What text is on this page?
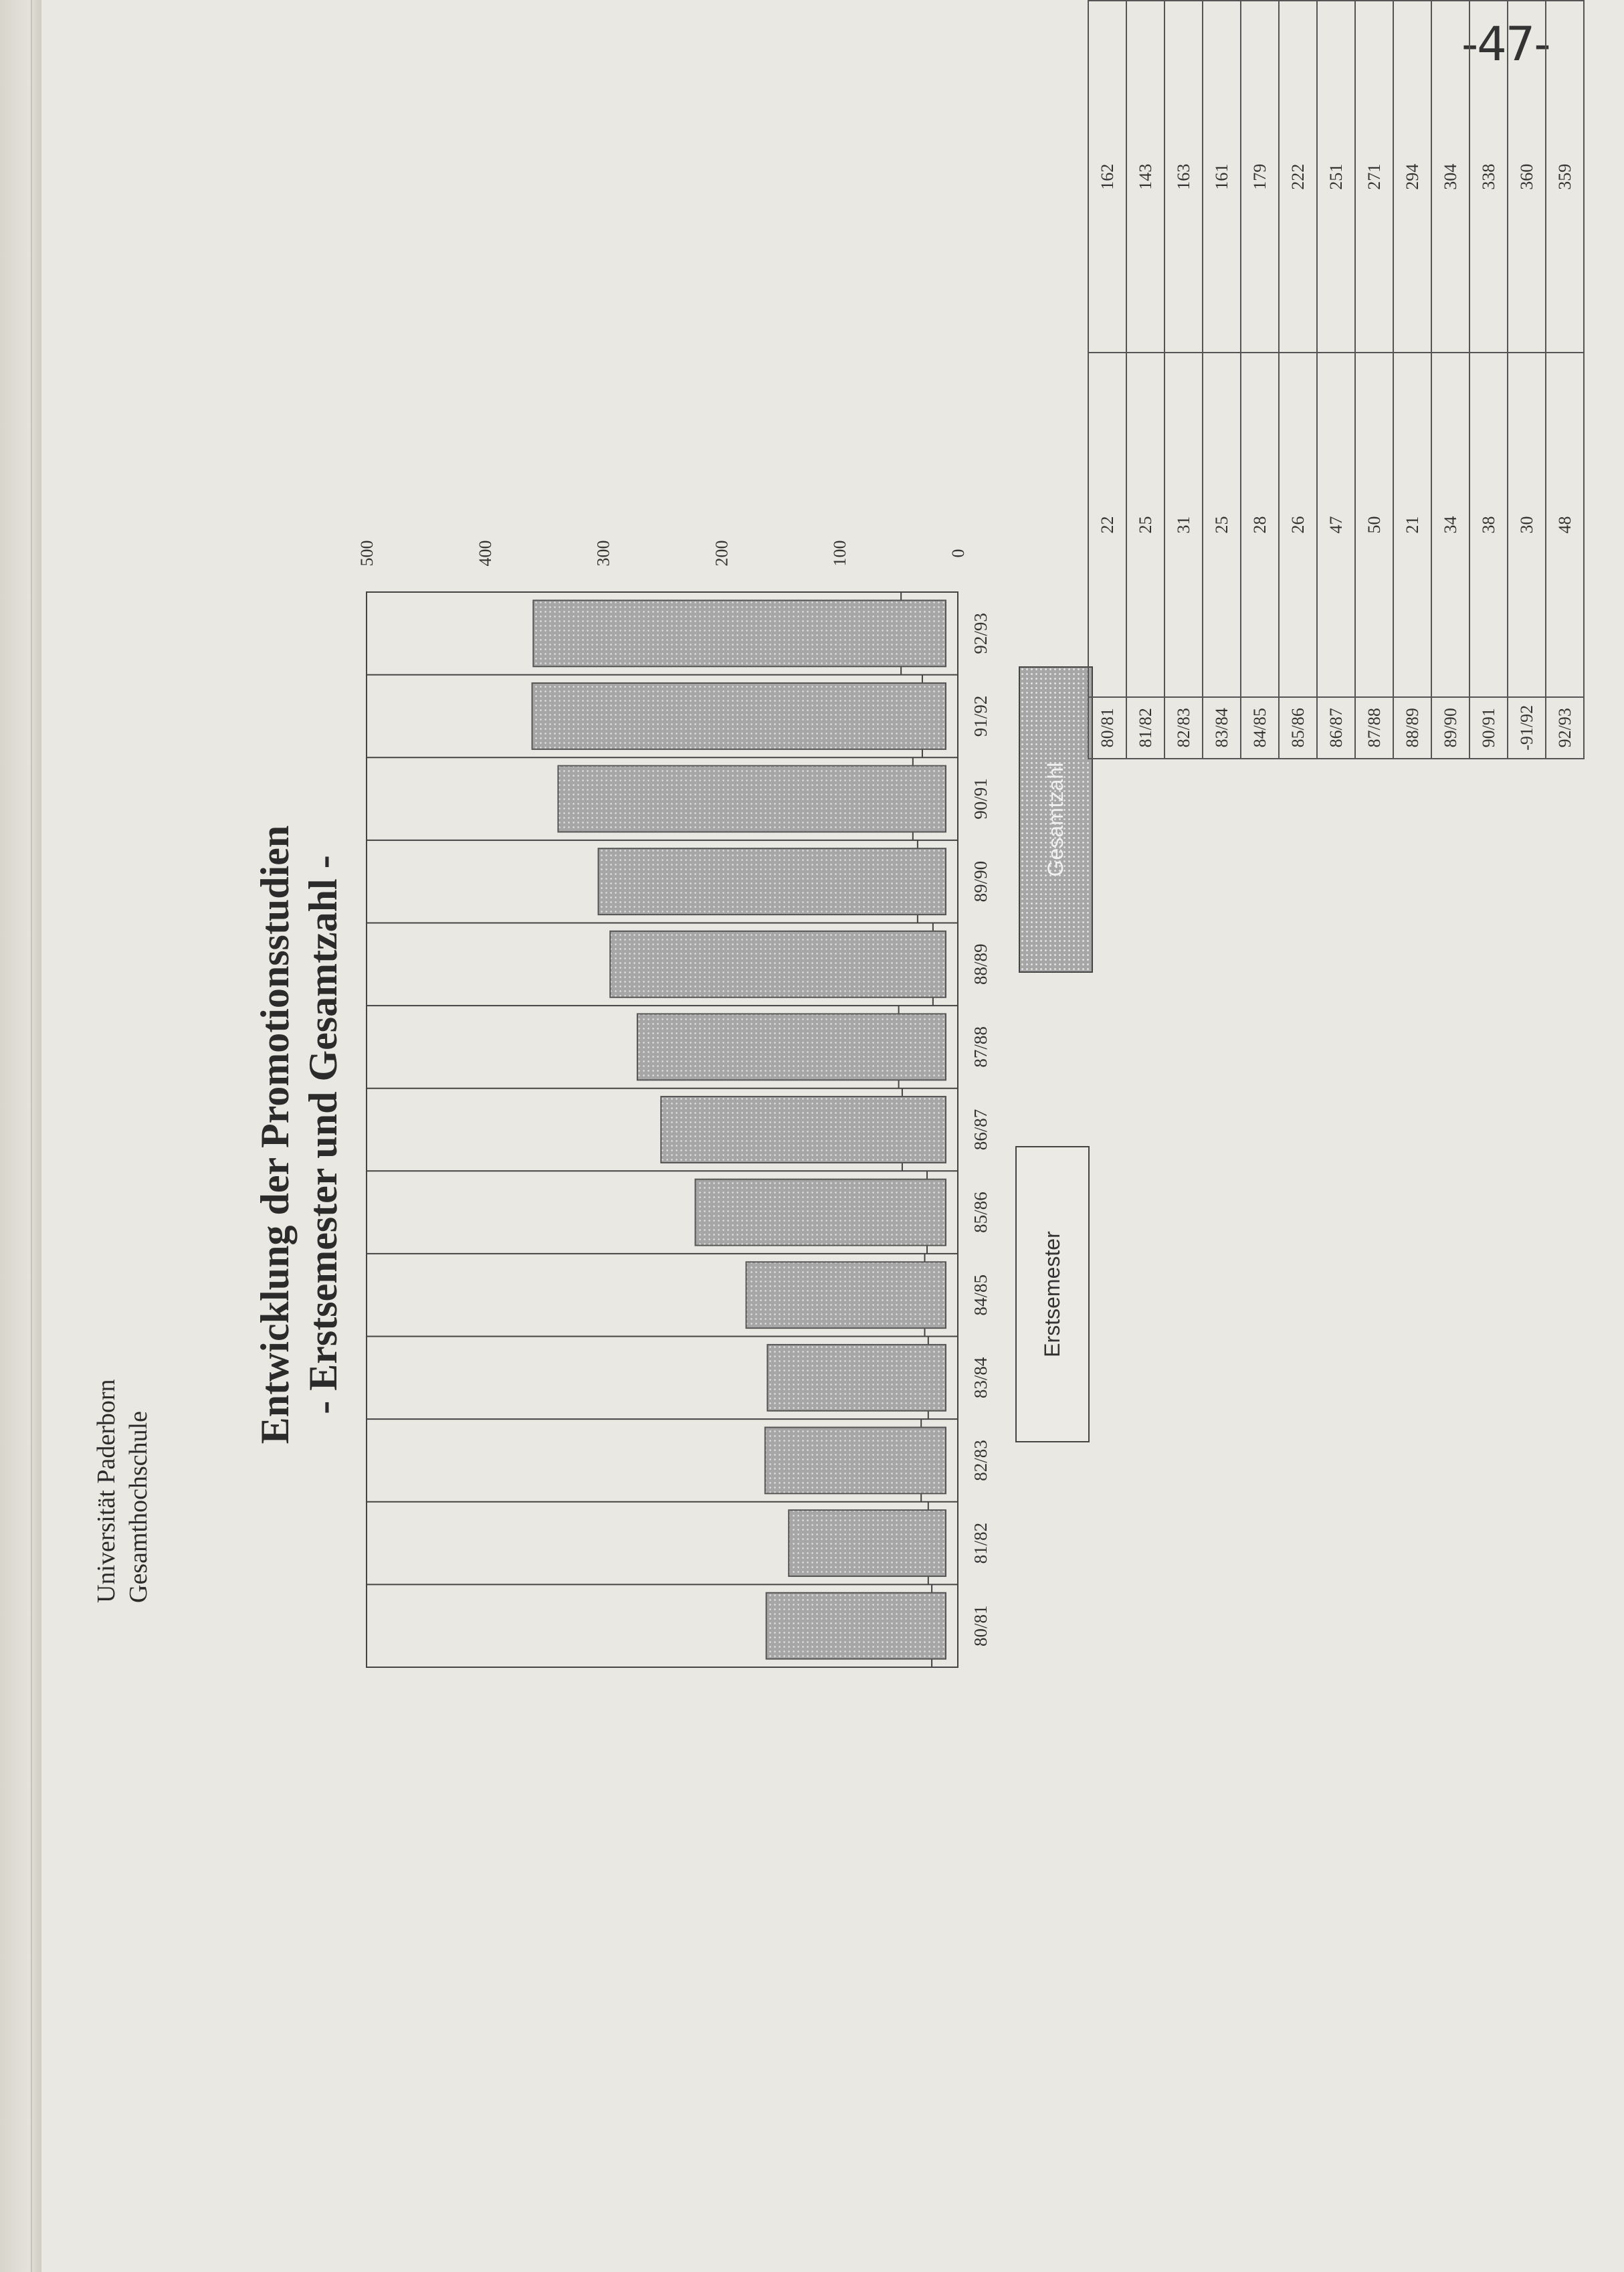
-47-
Universität Paderborn Gesamthochschule
Entwicklung der Promotionsstudien - Erstsemester und Gesamtzahl -
80/81
81/82
82/83
83/84
84/85
85/86
86/87
87/88
88/89
89/90
90/91
91/92
92/93
0
100
200
300
400
500
Erstsemester
Gesamtzahl
80/81	22	162
81/82	25	143
82/83	31	163
83/84	25	161
84/85	28	179
85/86	26	222
86/87	47	251
87/88	50	271
88/89	21	294
89/90	34	304
90/91	38	338
-91/92	30	360
92/93	48	359
